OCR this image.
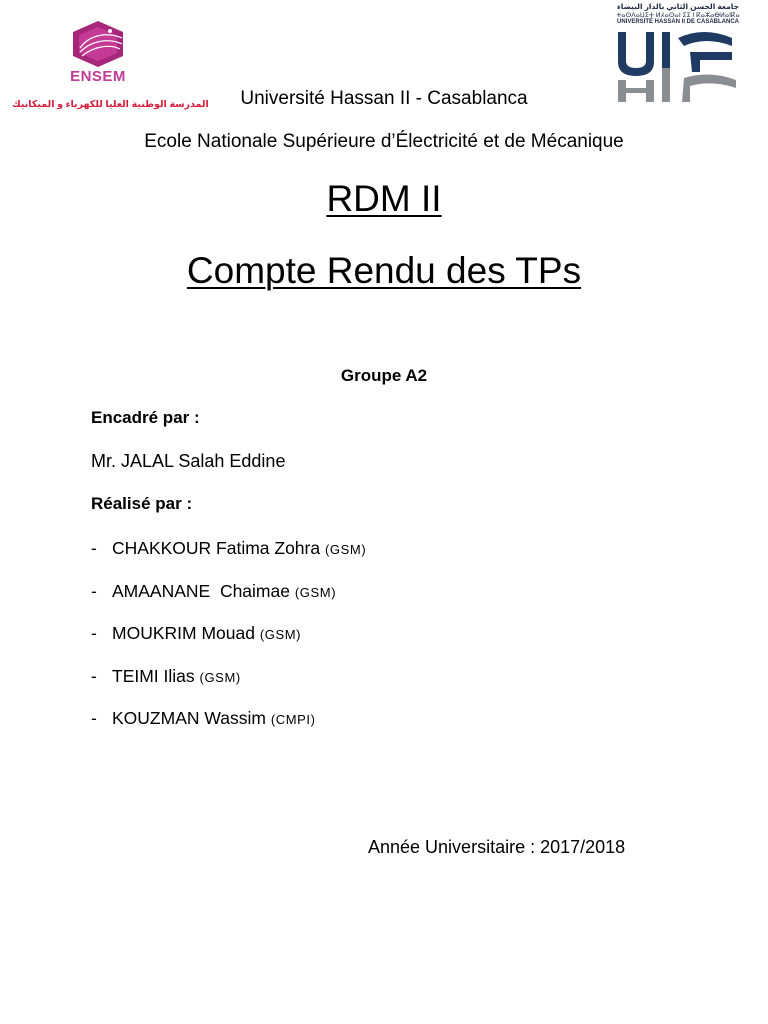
ENSEM
المدرسة الوطنية العليا للكهرباء و الميكانيك
جامعة الحسن الثاني بالدار البيضاء
ⵜⴰⵙⴷⴰⵡⵉⵜ ⵍⵃⴰⵙⴰⵏ ⵉⵉ ⵏ ⴽⴰⵣⴰⴱⵍⴰⵏⴽⴰ
UNIVERSITÉ HASSAN II DE CASABLANCA
Université Hassan II - Casablanca
Ecole Nationale Supérieure d’Électricité et de Mécanique
RDM II
Compte Rendu des TPs
Groupe A2
Encadré par :
Mr. JALAL Salah Eddine
Réalisé par :
- CHAKKOUR Fatima Zohra (GSM)
- AMAANANE  Chaimae (GSM)
- MOUKRIM Mouad (GSM)
- TEIMI Ilias (GSM)
- KOUZMAN Wassim (CMPI)
Année Universitaire : 2017/2018
